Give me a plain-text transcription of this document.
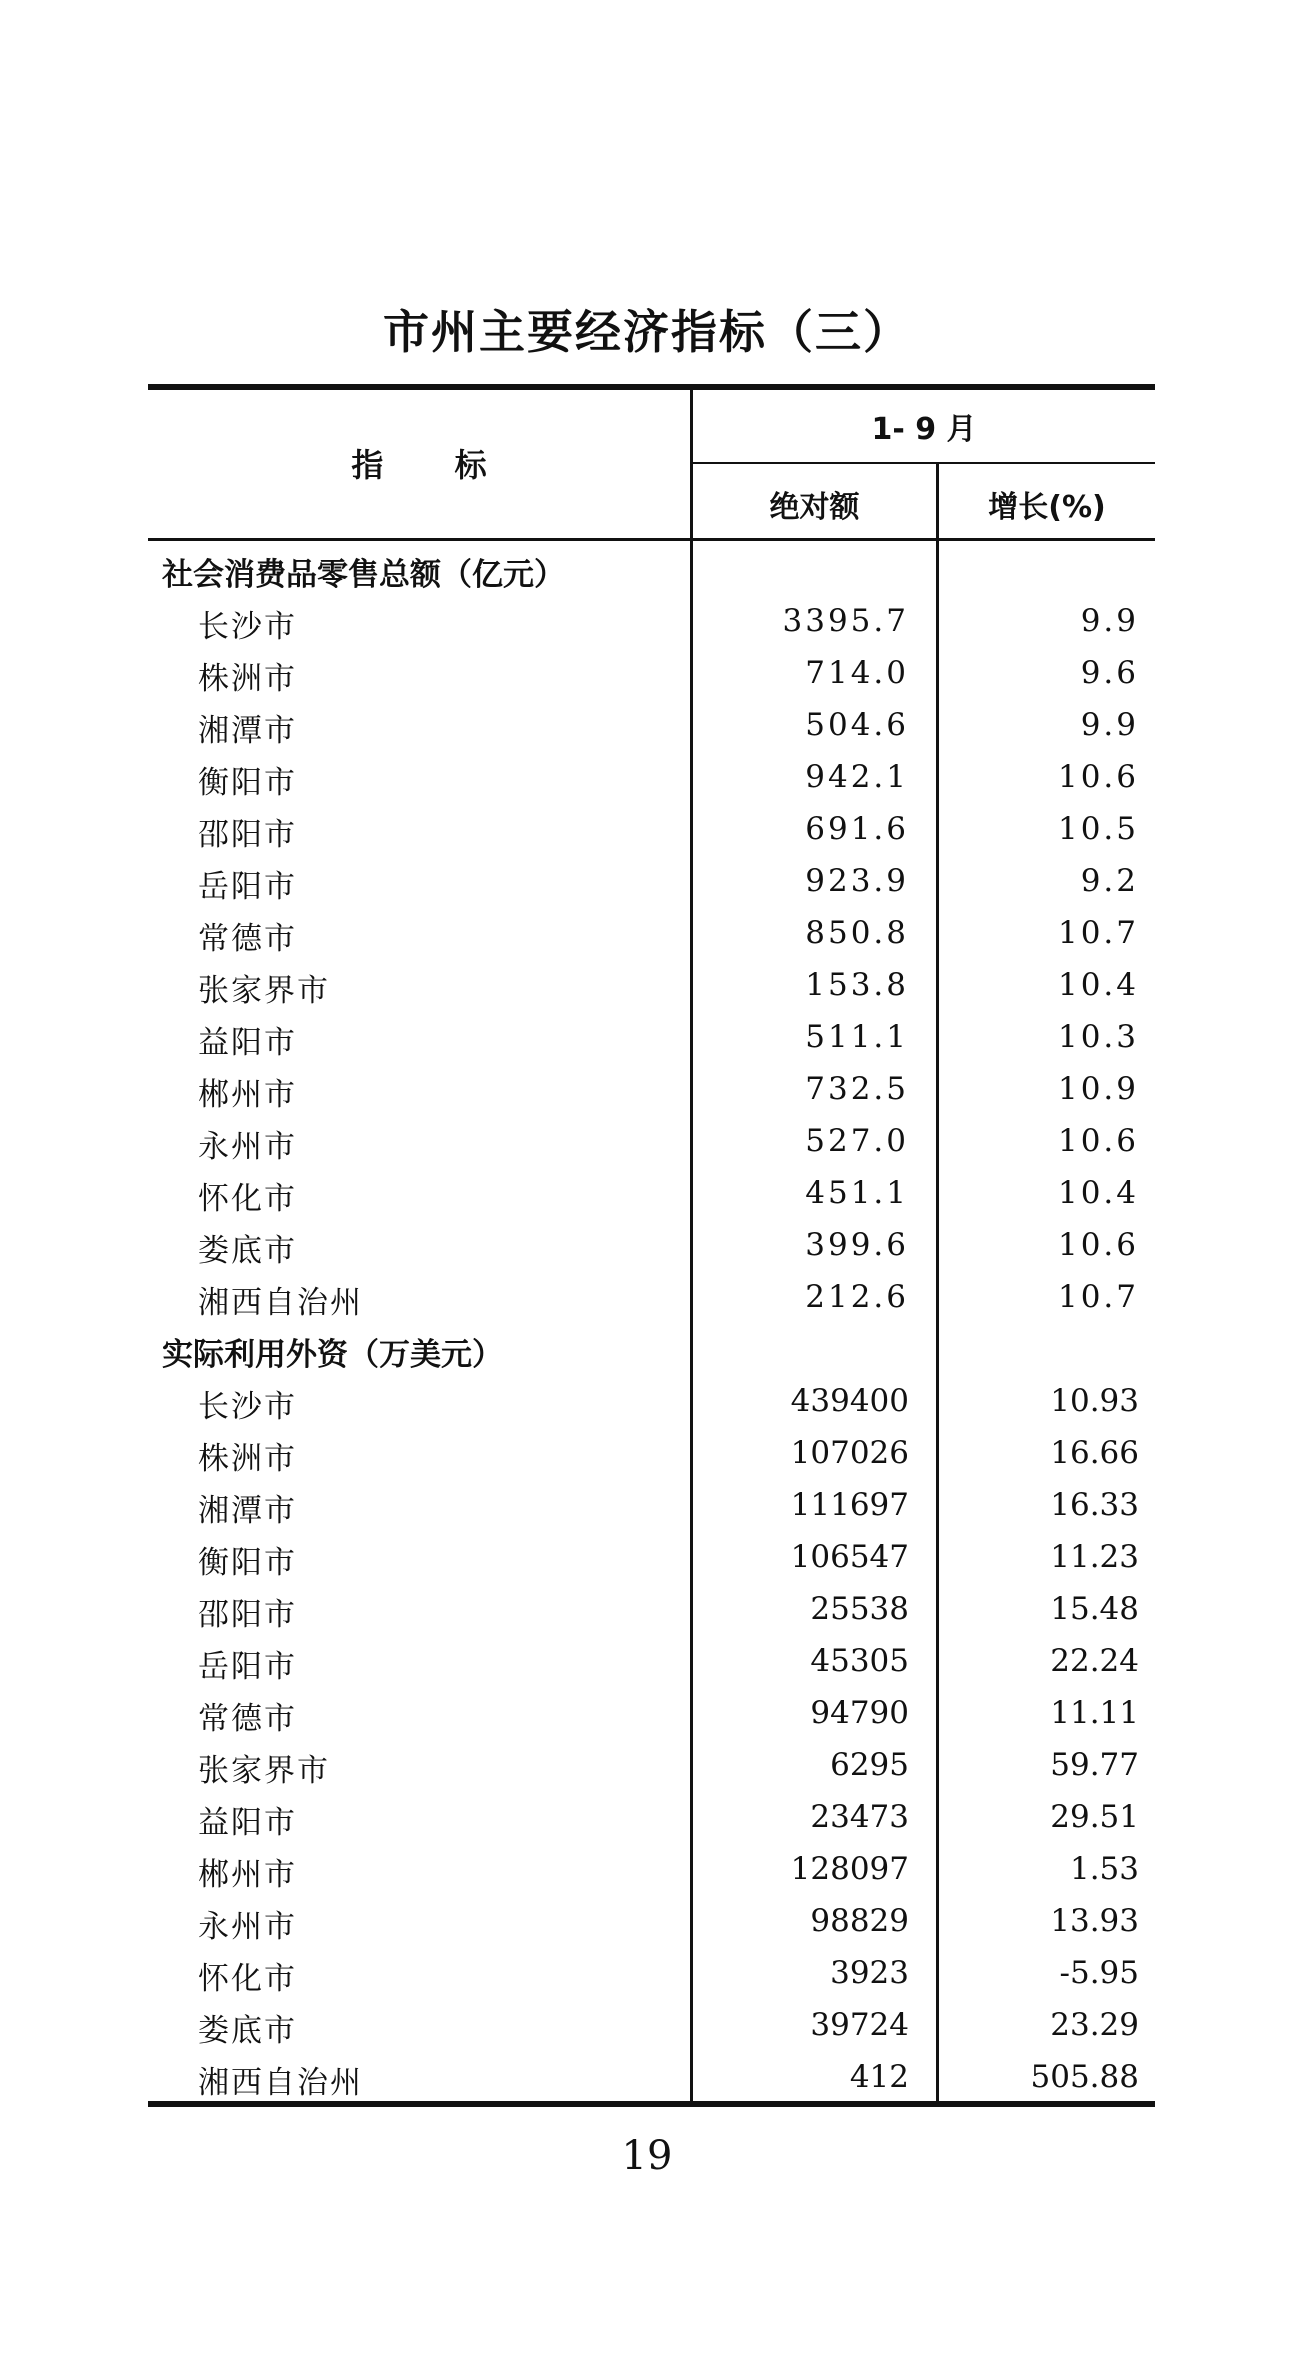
市州主要经济指标（三）
指 标
1- 9 月
绝对额	增长(%)
社会消费品零售总额（亿元）
长沙市	3395.7	9.9
株洲市	714.0	9.6
湘潭市	504.6	9.9
衡阳市	942.1	10.6
邵阳市	691.6	10.5
岳阳市	923.9	9.2
常德市	850.8	10.7
张家界市	153.8	10.4
益阳市	511.1	10.3
郴州市	732.5	10.9
永州市	527.0	10.6
怀化市	451.1	10.4
娄底市	399.6	10.6
湘西自治州	212.6	10.7
实际利用外资（万美元）
长沙市	439400	10.93
株洲市	107026	16.66
湘潭市	111697	16.33
衡阳市	106547	11.23
邵阳市	25538	15.48
岳阳市	45305	22.24
常德市	94790	11.11
张家界市	6295	59.77
益阳市	23473	29.51
郴州市	128097	1.53
永州市	98829	13.93
怀化市	3923	-5.95
娄底市	39724	23.29
湘西自治州	412	505.88
19
